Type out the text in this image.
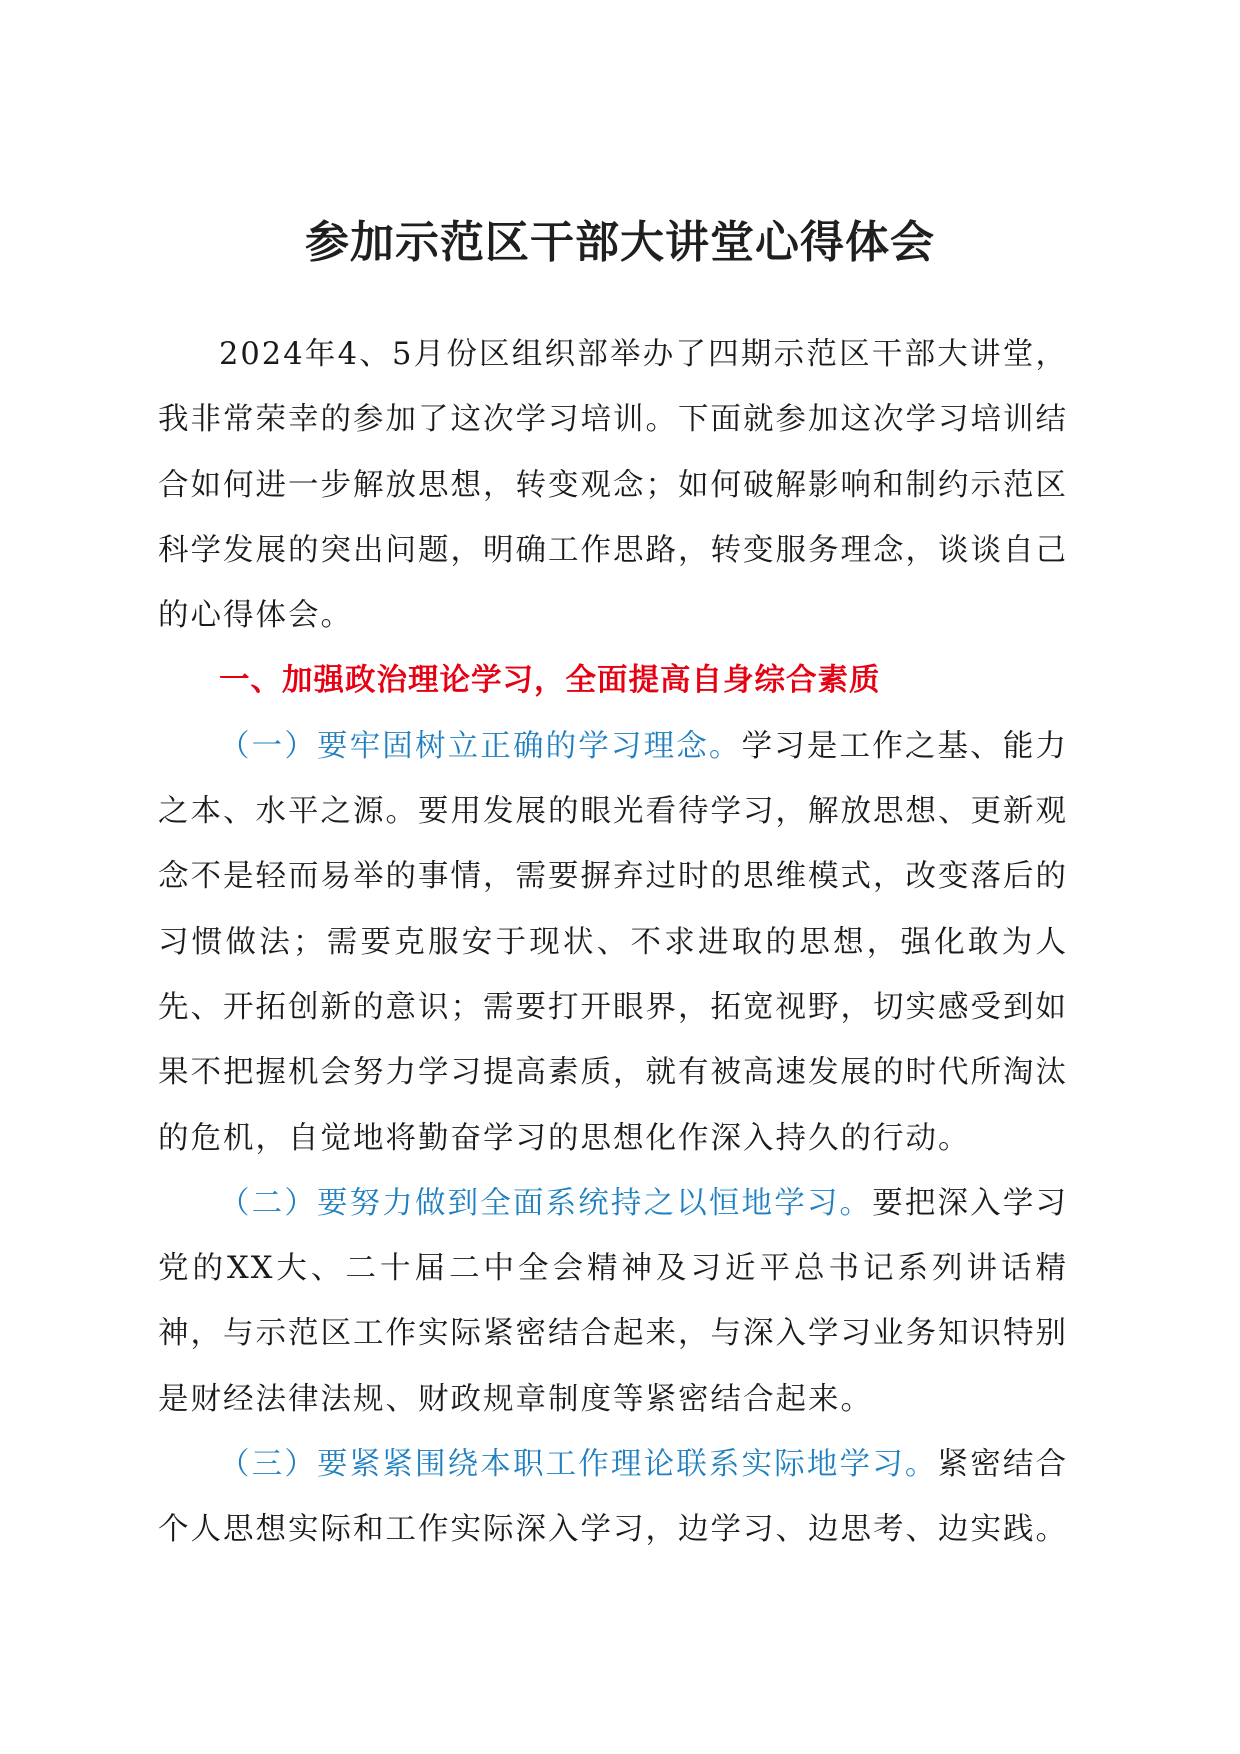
参加示范区干部大讲堂心得体会

2024年4、5月份区组织部举办了四期示范区干部大讲堂，我非常荣幸的参加了这次学习培训。下面就参加这次学习培训结合如何进一步解放思想，转变观念；如何破解影响和制约示范区科学发展的突出问题，明确工作思路，转变服务理念，谈谈自己的心得体会。

一、加强政治理论学习，全面提高自身综合素质

（一）要牢固树立正确的学习理念。学习是工作之基、能力之本、水平之源。要用发展的眼光看待学习，解放思想、更新观念不是轻而易举的事情，需要摒弃过时的思维模式，改变落后的习惯做法；需要克服安于现状、不求进取的思想，强化敢为人先、开拓创新的意识；需要打开眼界，拓宽视野，切实感受到如果不把握机会努力学习提高素质，就有被高速发展的时代所淘汰的危机，自觉地将勤奋学习的思想化作深入持久的行动。

（二）要努力做到全面系统持之以恒地学习。要把深入学习党的XX大、二十届二中全会精神及习近平总书记系列讲话精神，与示范区工作实际紧密结合起来，与深入学习业务知识特别是财经法律法规、财政规章制度等紧密结合起来。

（三）要紧紧围绕本职工作理论联系实际地学习。紧密结合个人思想实际和工作实际深入学习，边学习、边思考、边实践。
